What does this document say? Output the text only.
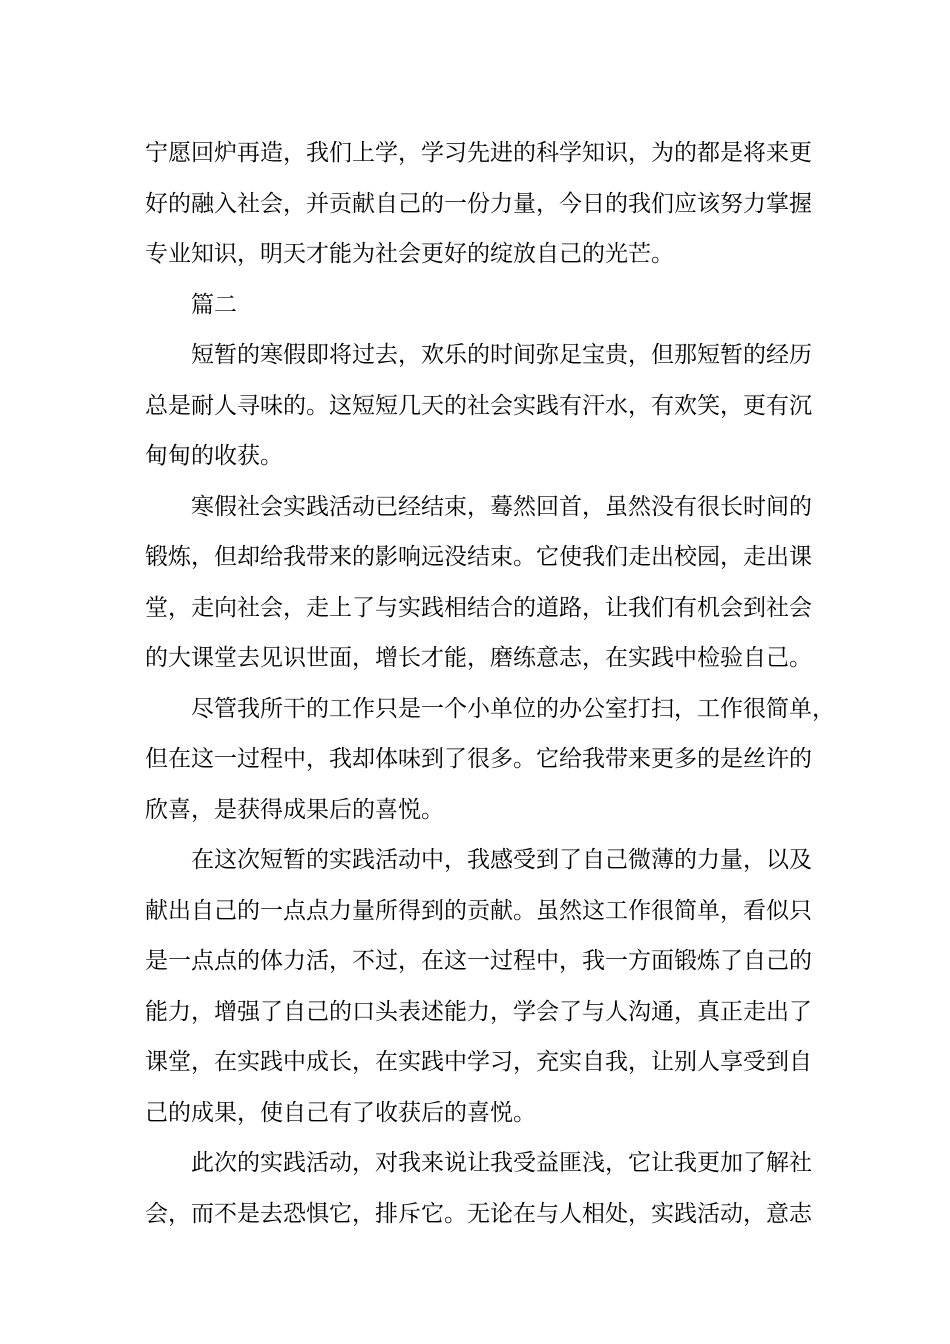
宁愿回炉再造，我们上学，学习先进的科学知识，为的都是将来更
好的融入社会，并贡献自己的一份力量，今日的我们应该努力掌握
专业知识，明天才能为社会更好的绽放自己的光芒。
篇二
短暂的寒假即将过去，欢乐的时间弥足宝贵，但那短暂的经历
总是耐人寻味的。这短短几天的社会实践有汗水，有欢笑，更有沉
甸甸的收获。
寒假社会实践活动已经结束，蓦然回首，虽然没有很长时间的
锻炼，但却给我带来的影响远没结束。它使我们走出校园，走出课
堂，走向社会，走上了与实践相结合的道路，让我们有机会到社会
的大课堂去见识世面，增长才能，磨练意志，在实践中检验自己。
尽管我所干的工作只是一个小单位的办公室打扫，工作很简单，
但在这一过程中，我却体味到了很多。它给我带来更多的是丝许的
欣喜，是获得成果后的喜悦。
在这次短暂的实践活动中，我感受到了自己微薄的力量，以及
献出自己的一点点力量所得到的贡献。虽然这工作很简单，看似只
是一点点的体力活，不过，在这一过程中，我一方面锻炼了自己的
能力，增强了自己的口头表述能力，学会了与人沟通，真正走出了
课堂，在实践中成长，在实践中学习，充实自我，让别人享受到自
己的成果，使自己有了收获后的喜悦。
此次的实践活动，对我来说让我受益匪浅，它让我更加了解社
会，而不是去恐惧它，排斥它。无论在与人相处，实践活动，意志
